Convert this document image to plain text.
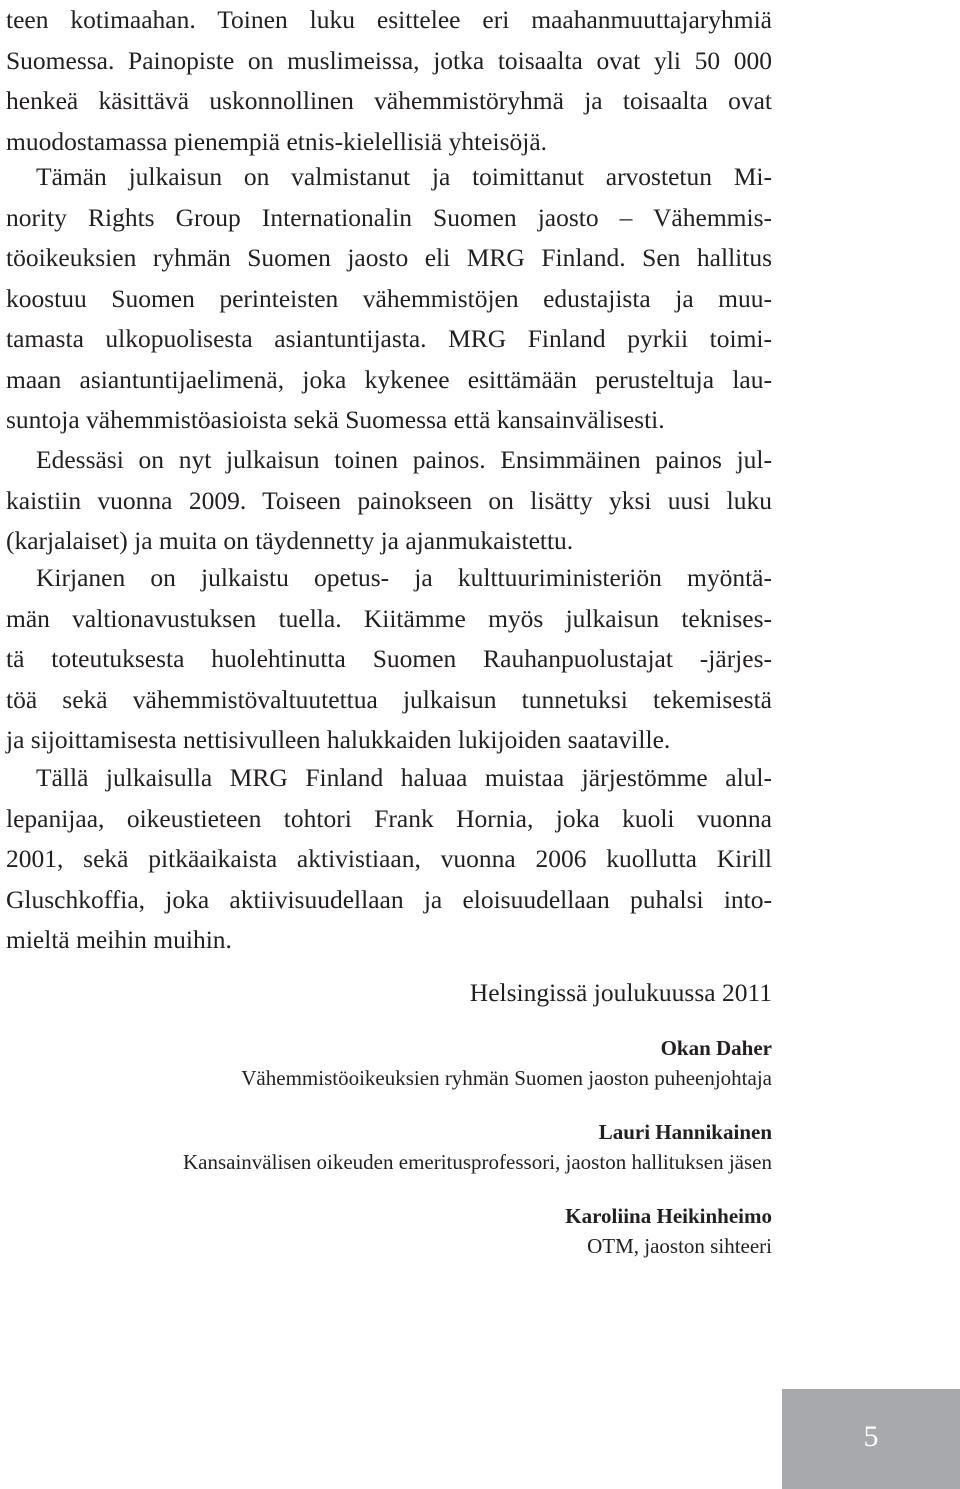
teen kotimaahan. Toinen luku esittelee eri maahanmuuttajaryhmiä
Suomessa. Painopiste on muslimeissa, jotka toisaalta ovat yli 50 000
henkeä käsittävä uskonnollinen vähemmistöryhmä ja toisaalta ovat
muodostamassa pienempiä etnis-kielellisiä yhteisöjä.
Tämän julkaisun on valmistanut ja toimittanut arvostetun Mi-
nority Rights Group Internationalin Suomen jaosto – Vähemmis-
töoikeuksien ryhmän Suomen jaosto eli MRG Finland. Sen hallitus
koostuu Suomen perinteisten vähemmistöjen edustajista ja muu-
tamasta ulkopuolisesta asiantuntijasta. MRG Finland pyrkii toimi-
maan asiantuntijaelimenä, joka kykenee esittämään perusteltuja lau-
suntoja vähemmistöasioista sekä Suomessa että kansainvälisesti.
Edessäsi on nyt julkaisun toinen painos. Ensimmäinen painos jul-
kaistiin vuonna 2009. Toiseen painokseen on lisätty yksi uusi luku
(karjalaiset) ja muita on täydennetty ja ajanmukaistettu.
Kirjanen on julkaistu opetus- ja kulttuuriministeriön myöntä-
män valtionavustuksen tuella. Kiitämme myös julkaisun teknises-
tä toteutuksesta huolehtinutta Suomen Rauhanpuolustajat -järjes-
töä sekä vähemmistövaltuutettua julkaisun tunnetuksi tekemisestä
ja sijoittamisesta nettisivulleen halukkaiden lukijoiden saataville.
Tällä julkaisulla MRG Finland haluaa muistaa järjestömme alul-
lepanijaa, oikeustieteen tohtori Frank Hornia, joka kuoli vuonna
2001, sekä pitkäaikaista aktivistiaan, vuonna 2006 kuollutta Kirill
Gluschkoffia, joka aktiivisuudellaan ja eloisuudellaan puhalsi into-
mieltä meihin muihin.
Helsingissä joulukuussa 2011
Okan Daher
Vähemmistöoikeuksien ryhmän Suomen jaoston puheenjohtaja
Lauri Hannikainen
Kansainvälisen oikeuden emeritusprofessori, jaoston hallituksen jäsen
Karoliina Heikinheimo
OTM, jaoston sihteeri
5
